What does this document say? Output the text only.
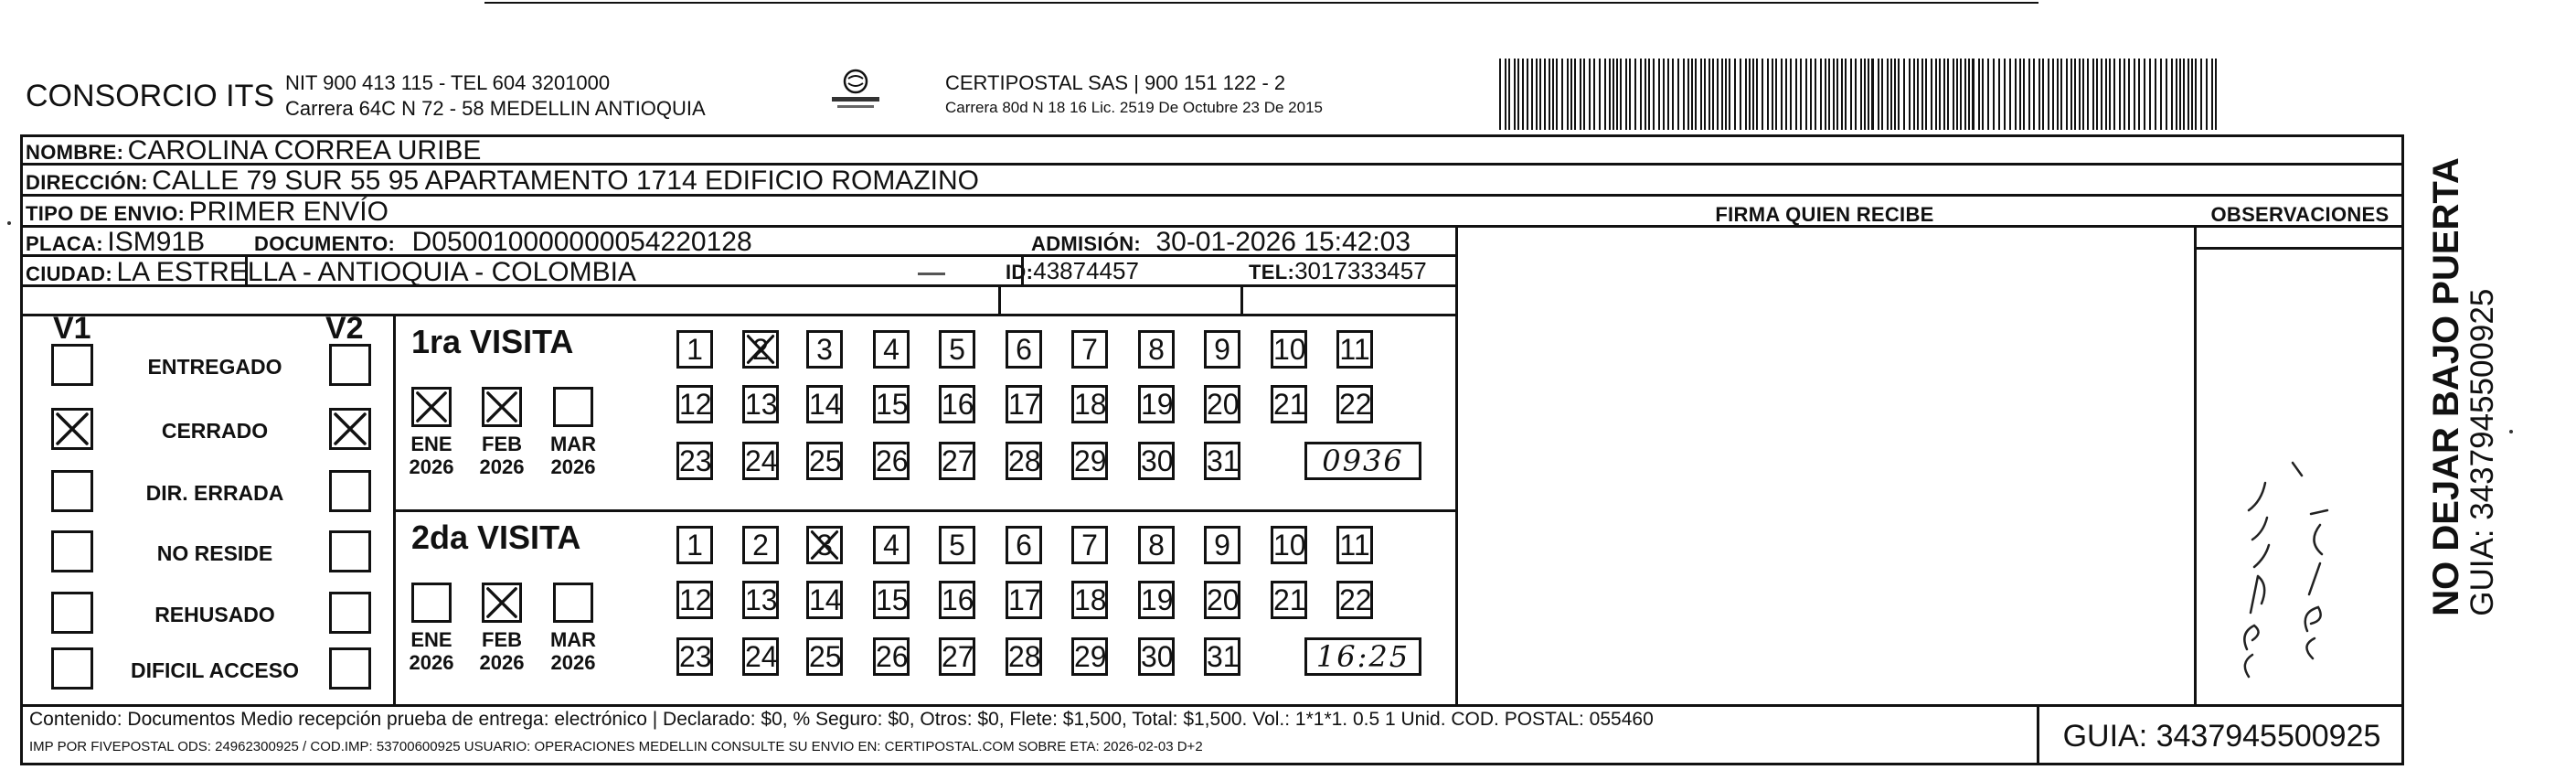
CONSORCIO ITS NIT 900 413 115 - TEL 604 3201000
Carrera 64C N 72 - 58 MEDELLIN ANTIOQUIA
CERTIPOSTAL SAS | 900 151 122 - 2
Carrera 80d N 18 16 Lic. 2519 De Octubre 23 De 2015
NOMBRE: CAROLINA CORREA URIBE
DIRECCIÓN: CALLE 79 SUR 55 95 APARTAMENTO 1714 EDIFICIO ROMAZINO
TIPO DE ENVIO: PRIMER ENVÍO
PLACA: ISM91B DOCUMENTO: D050010000000054220128	ADMISIÓN: 30-01-2026 15:42:03
CIUDAD: LA ESTRELLA - ANTIOQUIA - COLOMBIA	ID:43874457	TEL:3017333457
FIRMA QUIEN RECIBE	OBSERVACIONES
V1	V2
ENTREGADO
CERRADO
DIR. ERRADA
NO RESIDE
REHUSADO
DIFICIL ACCESO
1ra VISITA
ENE
2026
FEB
2026
MAR
2026
1	2	3	4	5	6	7	8	9	10 11
12 13 14 15 16 17 18 19 20 21 22
23 24 25 26 27 28 29 30 31	0936
2da VISITA
ENE
2026
FEB
2026
MAR
2026
1	2	3	4	5	6	7	8	9	10 11
12 13 14 15 16 17 18 19 20 21 22
23 24 25 26 27 28 29 30 31	16:25
Contenido: Documentos Medio recepción prueba de entrega: electrónico | Declarado: $0, % Seguro: $0, Otros: $0, Flete: $1,500, Total: $1,500. Vol.: 1*1*1. 0.5 1 Unid. COD. POSTAL: 055460
IMP POR FIVEPOSTAL ODS: 24962300925 / COD.IMP: 53700600925 USUARIO: OPERACIONES MEDELLIN CONSULTE SU ENVIO EN: CERTIPOSTAL.COM SOBRE ETA: 2026-02-03 D+2	GUIA: 3437945500925
NO DEJAR BAJO PUERTA
GUIA: 3437945500925
